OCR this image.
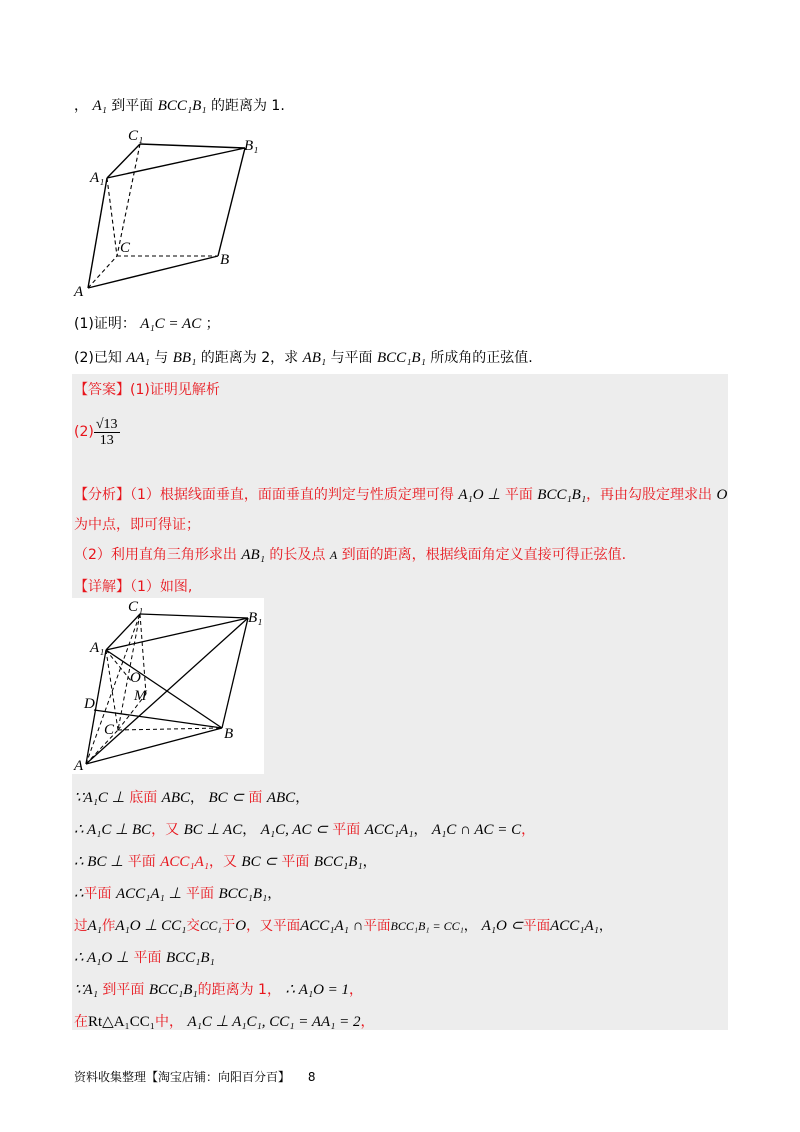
， A₁ 到平面 BCC₁B₁ 的距离为 1.
C₁
B₁
A₁
C
B
A
(1)证明： A₁C = AC ；
(2)已知 AA₁ 与 BB₁ 的距离为 2，求 AB₁ 与平面 BCC₁B₁ 所成角的正弦值.
【答案】(1)证明见解析
$(2) \frac{√13}{13}$
【分析】（1）根据线面垂直，面面垂直的判定与性质定理可得 A₁O ⊥ 平面 BCC₁B₁，再由勾股定理求出 O
为中点，即可得证；
（2）利用直角三角形求出 AB₁ 的长及点 A 到面的距离，根据线面角定义直接可得正弦值.
【详解】（1）如图,
C₁
B₁
A₁
O
M
D
C	B
A
∵A₁C ⊥ 底面 ABC， BC ⊂ 面 ABC，
∴ A₁C ⊥ BC，又 BC ⊥ AC， A₁C, AC ⊂ 平面 ACC₁A₁， A₁C ∩ AC = C，
∴ BC ⊥ 平面 ACC₁A₁，又 BC ⊂ 平面 BCC₁B₁，
∴平面 ACC₁A₁ ⊥ 平面 BCC₁B₁，
过A₁作A₁O ⊥ CC₁交CC₁于O，又平面ACC₁A₁ ∩平面BCC₁B₁ = CC₁， A₁O ⊂平面ACC₁A₁，
∴ A₁O ⊥ 平面 BCC₁B₁
∵A₁ 到平面 BCC₁B₁的距离为 1， ∴ A₁O = 1，
在Rt△A₁CC₁中， A₁C ⊥ A₁C₁, CC₁ = AA₁ = 2，
资料收集整理【淘宝店铺：向阳百分百】 8
